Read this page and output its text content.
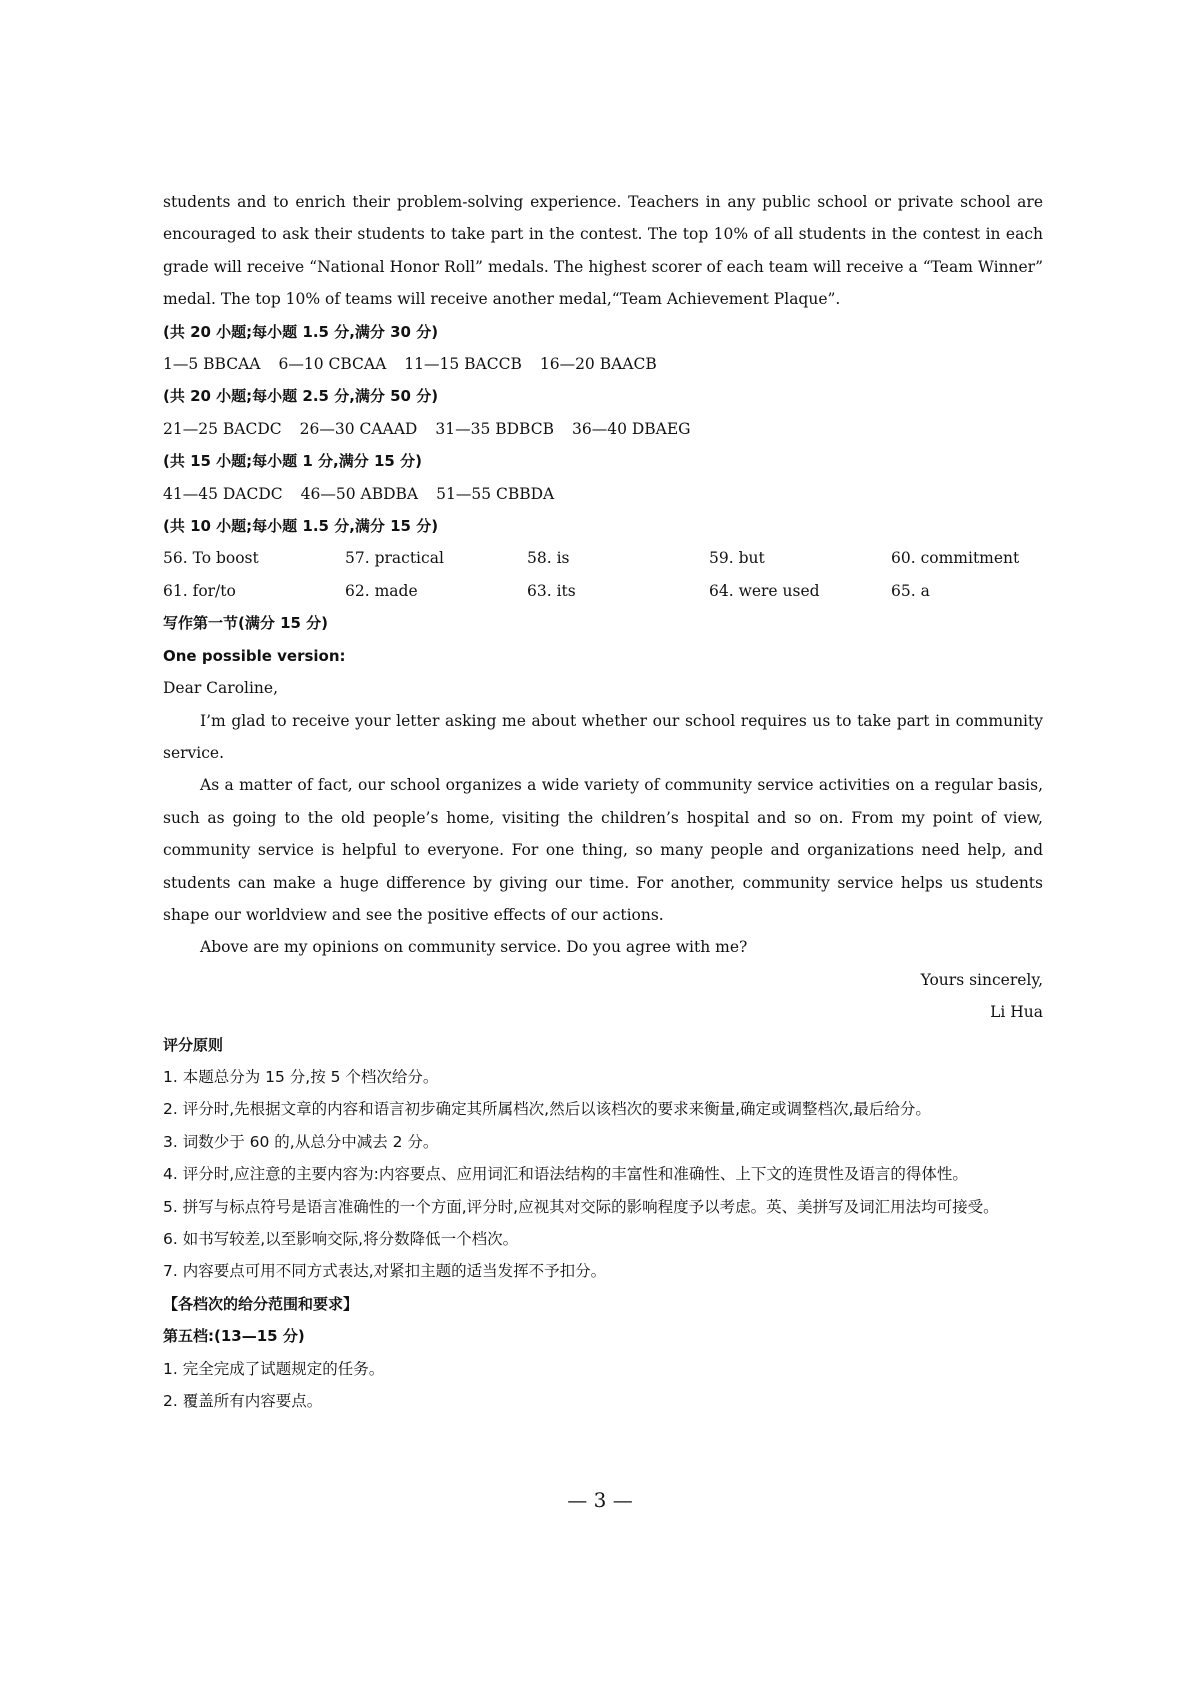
students and to enrich their problem-solving experience. Teachers in any public school or private school are encouraged to ask their students to take part in the contest. The top 10% of all students in the contest in each grade will receive “National Honor Roll” medals. The highest scorer of each team will receive a “Team Winner” medal. The top 10% of teams will receive another medal,“Team Achievement Plaque”.

(共 20 小题;每小题 1.5 分,满分 30 分)

1—5 BBCAA 6—10 CBCAA 11—15 BACCB 16—20 BAACB

(共 20 小题;每小题 2.5 分,满分 50 分)

21—25 BACDC 26—30 CAAAD 31—35 BDBCB 36—40 DBAEG

(共 15 小题;每小题 1 分,满分 15 分)

41—45 DACDC 46—50 ABDBA 51—55 CBBDA

(共 10 小题;每小题 1.5 分,满分 15 分)

56. To boost	57. practical	58. is	59. but	60. commitment
61. for/to	62. made	63. its	64. were used	65. a

写作第一节(满分 15 分)

One possible version:

Dear Caroline,

I’m glad to receive your letter asking me about whether our school requires us to take part in community service.

As a matter of fact, our school organizes a wide variety of community service activities on a regular basis, such as going to the old people’s home, visiting the children’s hospital and so on. From my point of view, community service is helpful to everyone. For one thing, so many people and organizations need help, and students can make a huge difference by giving our time. For another, community service helps us students shape our worldview and see the positive effects of our actions.

Above are my opinions on community service. Do you agree with me?

Yours sincerely,

Li Hua

评分原则

1. 本题总分为 15 分,按 5 个档次给分。

2. 评分时,先根据文章的内容和语言初步确定其所属档次,然后以该档次的要求来衡量,确定或调整档次,最后给分。

3. 词数少于 60 的,从总分中减去 2 分。

4. 评分时,应注意的主要内容为:内容要点、应用词汇和语法结构的丰富性和准确性、上下文的连贯性及语言的得体性。

5. 拼写与标点符号是语言准确性的一个方面,评分时,应视其对交际的影响程度予以考虑。英、美拼写及词汇用法均可接受。

6. 如书写较差,以至影响交际,将分数降低一个档次。

7. 内容要点可用不同方式表达,对紧扣主题的适当发挥不予扣分。

【各档次的给分范围和要求】

第五档:(13—15 分)

1. 完全完成了试题规定的任务。

2. 覆盖所有内容要点。

— 3 —
